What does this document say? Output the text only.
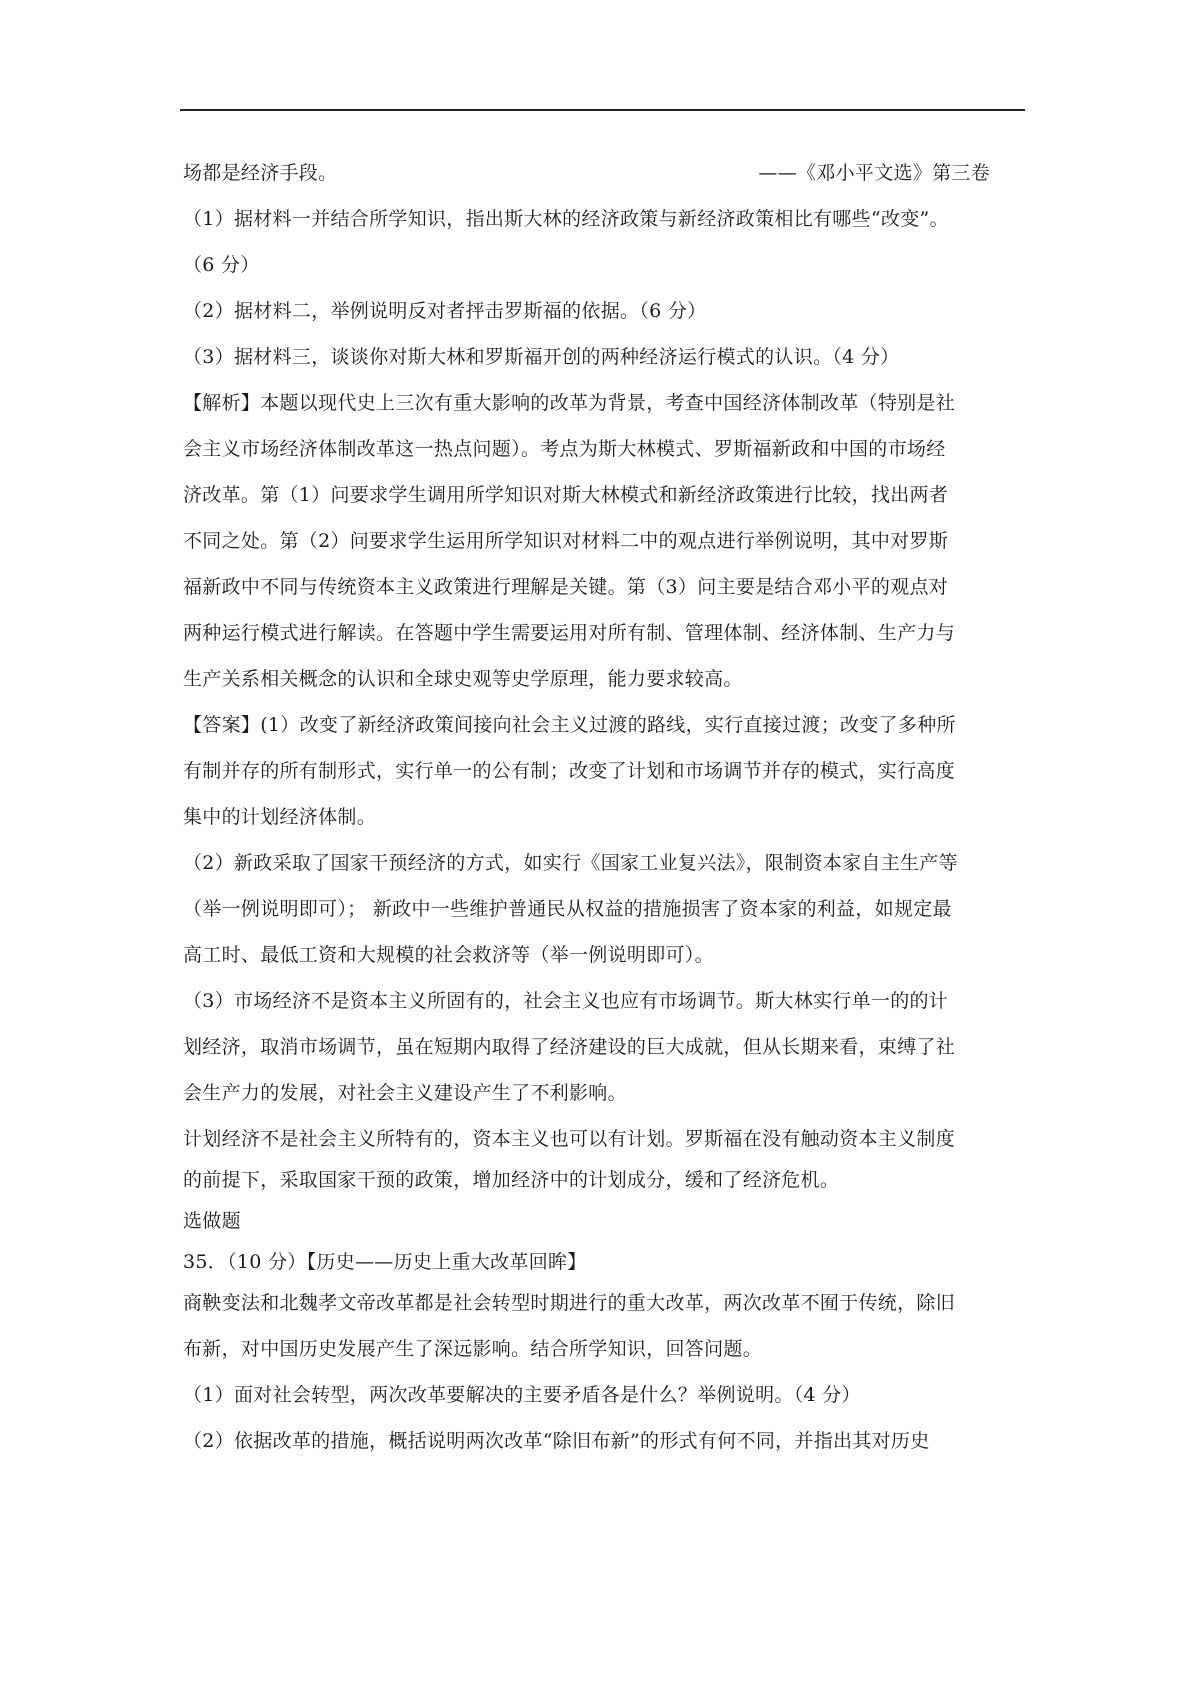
场都是经济手段。	——《邓小平文选》第三卷
（1）据材料一并结合所学知识，指出斯大林的经济政策与新经济政策相比有哪些“改变”。
（6 分）
（2）据材料二，举例说明反对者抨击罗斯福的依据。（6 分）
（3）据材料三，谈谈你对斯大林和罗斯福开创的两种经济运行模式的认识。（4 分）
【解析】本题以现代史上三次有重大影响的改革为背景，考查中国经济体制改革（特别是社
会主义市场经济体制改革这一热点问题）。考点为斯大林模式、罗斯福新政和中国的市场经
济改革。第（1）问要求学生调用所学知识对斯大林模式和新经济政策进行比较，找出两者
不同之处。第（2）问要求学生运用所学知识对材料二中的观点进行举例说明，其中对罗斯
福新政中不同与传统资本主义政策进行理解是关键。第（3）问主要是结合邓小平的观点对
两种运行模式进行解读。在答题中学生需要运用对所有制、管理体制、经济体制、生产力与
生产关系相关概念的认识和全球史观等史学原理，能力要求较高。
【答案】(1）改变了新经济政策间接向社会主义过渡的路线，实行直接过渡；改变了多种所
有制并存的所有制形式，实行单一的公有制；改变了计划和市场调节并存的模式，实行高度
集中的计划经济体制。
（2）新政采取了国家干预经济的方式，如实行《国家工业复兴法》，限制资本家自主生产等
（举一例说明即可）； 新政中一些维护普通民从权益的措施损害了资本家的利益，如规定最
高工时、最低工资和大规模的社会救济等（举一例说明即可）。
（3）市场经济不是资本主义所固有的，社会主义也应有市场调节。斯大林实行单一的的计
划经济，取消市场调节，虽在短期内取得了经济建设的巨大成就，但从长期来看，束缚了社
会生产力的发展，对社会主义建设产生了不利影响。
计划经济不是社会主义所特有的，资本主义也可以有计划。罗斯福在没有触动资本主义制度
的前提下，采取国家干预的政策，增加经济中的计划成分，缓和了经济危机。
选做题
35．（10 分）【历史——历史上重大改革回眸】
商鞅变法和北魏孝文帝改革都是社会转型时期进行的重大改革，两次改革不囿于传统，除旧
布新，对中国历史发展产生了深远影响。结合所学知识，回答问题。
（1）面对社会转型，两次改革要解决的主要矛盾各是什么？举例说明。（4 分）
（2）依据改革的措施，概括说明两次改革“除旧布新”的形式有何不同，并指出其对历史
